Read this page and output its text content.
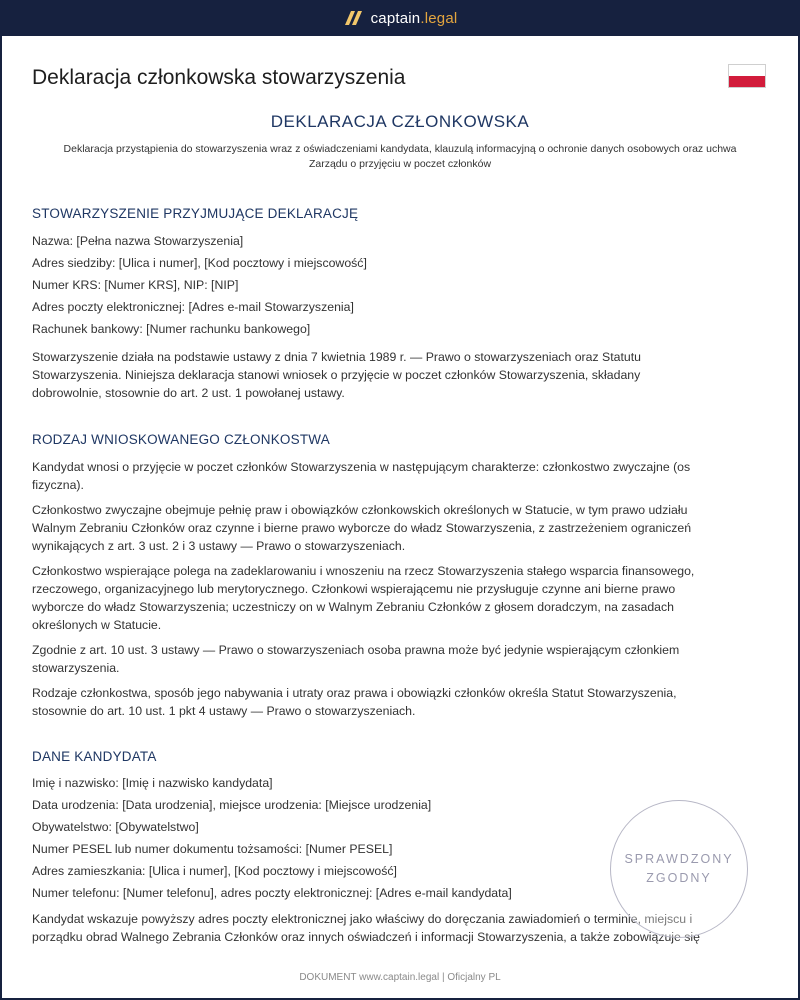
captain.legal
Deklaracja członkowska stowarzyszenia
DEKLARACJA CZŁONKOWSKA
Deklaracja przystąpienia do stowarzyszenia wraz z oświadczeniami kandydata, klauzulą informacyjną o ochronie danych osobowych oraz uchwa
Zarządu o przyjęciu w poczet członków
STOWARZYSZENIE PRZYJMUJĄCE DEKLARACJĘ
Nazwa: [Pełna nazwa Stowarzyszenia]
Adres siedziby: [Ulica i numer], [Kod pocztowy i miejscowość]
Numer KRS: [Numer KRS], NIP: [NIP]
Adres poczty elektronicznej: [Adres e-mail Stowarzyszenia]
Rachunek bankowy: [Numer rachunku bankowego]
Stowarzyszenie działa na podstawie ustawy z dnia 7 kwietnia 1989 r. — Prawo o stowarzyszeniach oraz Statutu
Stowarzyszenia. Niniejsza deklaracja stanowi wniosek o przyjęcie w poczet członków Stowarzyszenia, składany
dobrowolnie, stosownie do art. 2 ust. 1 powołanej ustawy.
RODZAJ WNIOSKOWANEGO CZŁONKOSTWA
Kandydat wnosi o przyjęcie w poczet członków Stowarzyszenia w następującym charakterze: członkostwo zwyczajne (os
fizyczna).
Członkostwo zwyczajne obejmuje pełnię praw i obowiązków członkowskich określonych w Statucie, w tym prawo udziału
Walnym Zebraniu Członków oraz czynne i bierne prawo wyborcze do władz Stowarzyszenia, z zastrzeżeniem ograniczeń
wynikających z art. 3 ust. 2 i 3 ustawy — Prawo o stowarzyszeniach.
Członkostwo wspierające polega na zadeklarowaniu i wnoszeniu na rzecz Stowarzyszenia stałego wsparcia finansowego,
rzeczowego, organizacyjnego lub merytorycznego. Członkowi wspierającemu nie przysługuje czynne ani bierne prawo
wyborcze do władz Stowarzyszenia; uczestniczy on w Walnym Zebraniu Członków z głosem doradczym, na zasadach
określonych w Statucie.
Zgodnie z art. 10 ust. 3 ustawy — Prawo o stowarzyszeniach osoba prawna może być jedynie wspierającym członkiem
stowarzyszenia.
Rodzaje członkostwa, sposób jego nabywania i utraty oraz prawa i obowiązki członków określa Statut Stowarzyszenia,
stosownie do art. 10 ust. 1 pkt 4 ustawy — Prawo o stowarzyszeniach.
DANE KANDYDATA
Imię i nazwisko: [Imię i nazwisko kandydata]
Data urodzenia: [Data urodzenia], miejsce urodzenia: [Miejsce urodzenia]
Obywatelstwo: [Obywatelstwo]
Numer PESEL lub numer dokumentu tożsamości: [Numer PESEL]
Adres zamieszkania: [Ulica i numer], [Kod pocztowy i miejscowość]
Numer telefonu: [Numer telefonu], adres poczty elektronicznej: [Adres e-mail kandydata]
Kandydat wskazuje powyższy adres poczty elektronicznej jako właściwy do doręczania zawiadomień o terminie, miejscu i
porządku obrad Walnego Zebrania Członków oraz innych oświadczeń i informacji Stowarzyszenia, a także zobowiązuje się
SPRAWDZONY
ZGODNY
DOKUMENT www.captain.legal | Oficjalny PL
